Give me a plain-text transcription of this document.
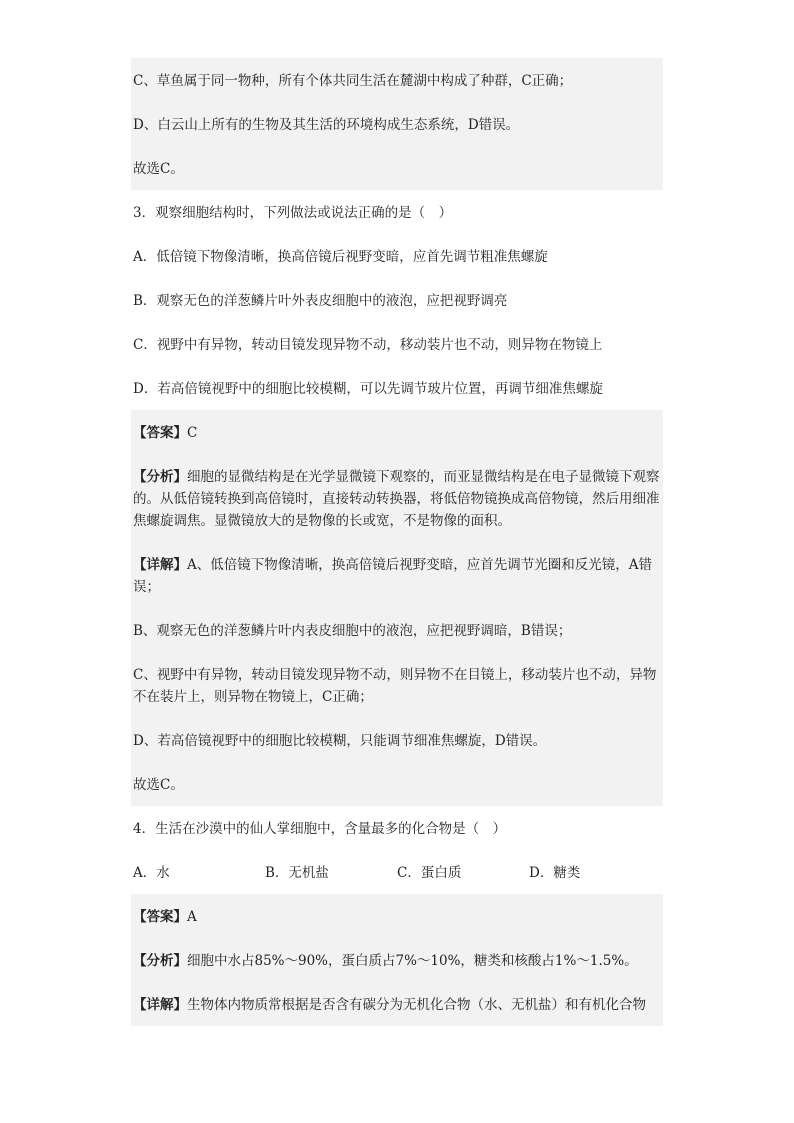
C、草鱼属于同一物种，所有个体共同生活在麓湖中构成了种群，C正确；
D、白云山上所有的生物及其生活的环境构成生态系统，D错误。
故选C。
3．观察细胞结构时，下列做法或说法正确的是（　）
A．低倍镜下物像清晰，换高倍镜后视野变暗，应首先调节粗准焦螺旋
B．观察无色的洋葱鳞片叶外表皮细胞中的液泡，应把视野调亮
C．视野中有异物，转动目镜发现异物不动，移动装片也不动，则异物在物镜上
D．若高倍镜视野中的细胞比较模糊，可以先调节玻片位置，再调节细准焦螺旋
【答案】C
【分析】细胞的显微结构是在光学显微镜下观察的，而亚显微结构是在电子显微镜下观察的。从低倍镜转换到高倍镜时，直接转动转换器，将低倍物镜换成高倍物镜，然后用细准焦螺旋调焦。显微镜放大的是物像的长或宽，不是物像的面积。
【详解】A、低倍镜下物像清晰，换高倍镜后视野变暗，应首先调节光圈和反光镜，A错误；
B、观察无色的洋葱鳞片叶内表皮细胞中的液泡，应把视野调暗，B错误；
C、视野中有异物，转动目镜发现异物不动，则异物不在目镜上，移动装片也不动，异物不在装片上，则异物在物镜上，C正确；
D、若高倍镜视野中的细胞比较模糊，只能调节细准焦螺旋，D错误。
故选C。
4．生活在沙漠中的仙人掌细胞中，含量最多的化合物是（　）
A．水	B．无机盐	C．蛋白质	D．糖类
【答案】A
【分析】细胞中水占85%～90%，蛋白质占7%～10%，糖类和核酸占1%～1.5%。
【详解】生物体内物质常根据是否含有碳分为无机化合物（水、无机盐）和有机化合物
